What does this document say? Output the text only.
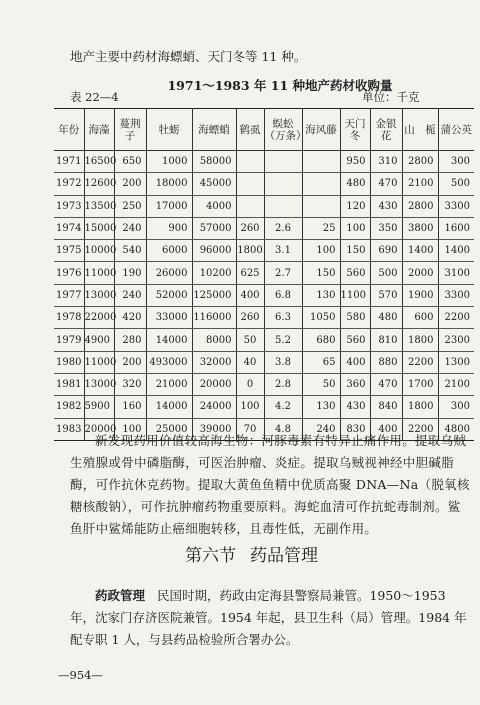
地产主要中药材海螵蛸、天门冬等 11 种。
1971～1983 年 11 种地产药材收购量
表 22—4	单位：千克
年份	海藻	蔓荆子	牡蛎	海螵蛸	鹤虱	蜈蚣
（万条）	海风藤	天门冬	金银花	山　栀	蒲公英
1971	16500	650	1000	58000				950	310	2800	300
1972	12600	200	18000	45000				480	470	2100	500
1973	13500	250	17000	4000				120	430	2800	3300
1974	15000	240	900	57000	260	2.6	25	100	350	3800	1600
1975	10000	540	6000	96000	1800	3.1	100	150	690	1400	1400
1976	11000	190	26000	10200	625	2.7	150	560	500	2000	3100
1977	13000	240	52000	125000	400	6.8	130	1100	570	1900	3300
1978	22000	420	33000	116000	260	6.3	1050	580	480	600	2200
1979	4900	280	14000	8000	50	5.2	680	560	810	1800	2300
1980	11000	200	493000	32000	40	3.8	65	400	880	2200	1300
1981	13000	320	21000	20000	0	2.8	50	360	470	1700	2100
1982	5900	160	14000	24000	100	4.2	130	430	840	1800	300
1983	20000	100	25000	39000	70	4.8	240	830	400	2200	4800
新发现药用价值较高海生物：河豚毒素有特异止痛作用。提取乌贼生殖腺或骨中磷脂酶，可医治肿瘤、炎症。提取乌贼视神经中胆碱脂酶，可作抗休克药物。提取大黄鱼鱼精中优质高聚 DNA—Na（脱氧核糖核酸钠），可作抗肿瘤药物重要原料。海蛇血清可作抗蛇毒制剂。鲨鱼肝中鲨烯能防止癌细胞转移，且毒性低，无副作用。
第六节 药品管理
药政管理 民国时期，药政由定海县警察局兼管。1950～1953 年，沈家门存济医院兼管。1954 年起，县卫生科（局）管理。1984 年配专职 1 人，与县药品检验所合署办公。
—954—
